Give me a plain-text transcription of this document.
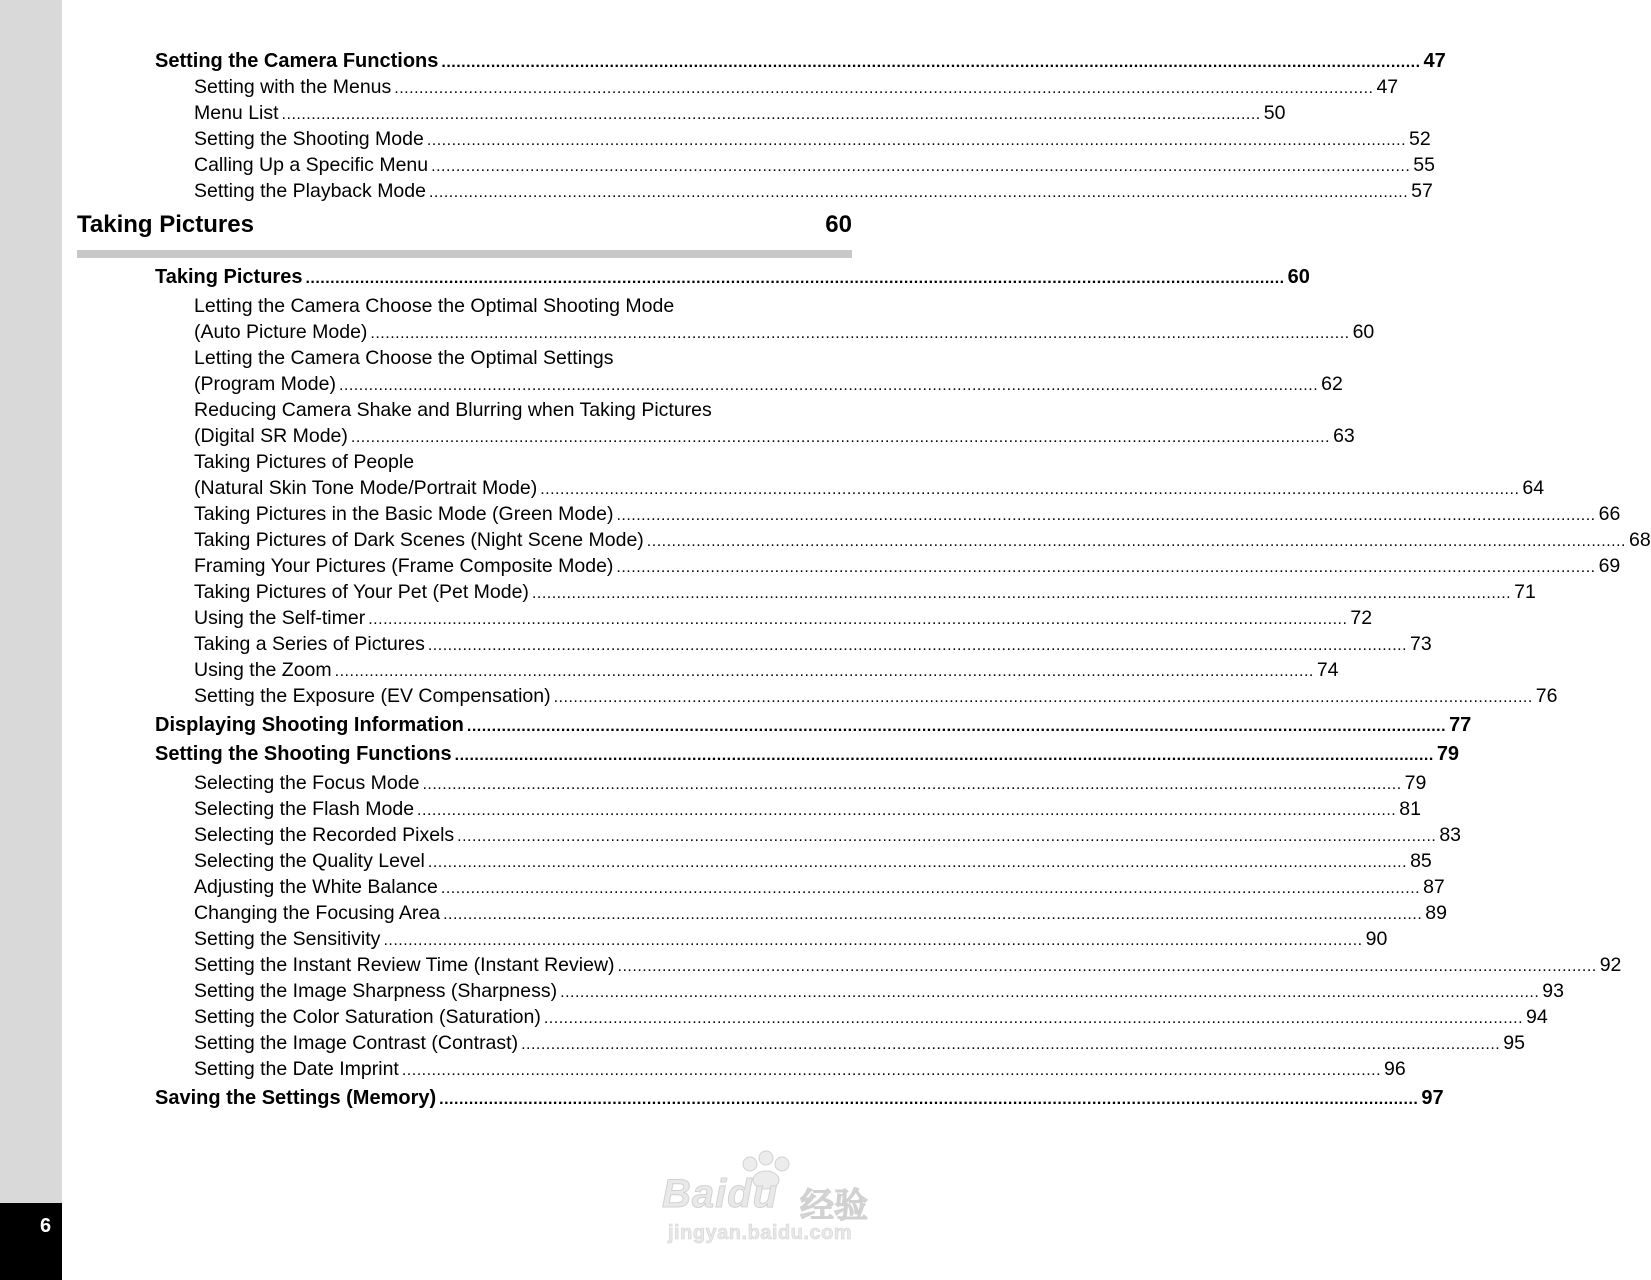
6
Setting the Camera Functions ...................................................................................................................................................................................................... 47
Setting with the Menus ...................................................................................................................................................................................................... 47
Menu List ...................................................................................................................................................................................................... 50
Setting the Shooting Mode ...................................................................................................................................................................................................... 52
Calling Up a Specific Menu ...................................................................................................................................................................................................... 55
Setting the Playback Mode ...................................................................................................................................................................................................... 57
Taking Pictures ...................................................................................................................................................................................................... 60
Letting the Camera Choose the Optimal Shooting Mode
(Auto Picture Mode) ...................................................................................................................................................................................................... 60
Letting the Camera Choose the Optimal Settings
(Program Mode) ...................................................................................................................................................................................................... 62
Reducing Camera Shake and Blurring when Taking Pictures
(Digital SR Mode) ...................................................................................................................................................................................................... 63
Taking Pictures of People
(Natural Skin Tone Mode/Portrait Mode) ...................................................................................................................................................................................................... 64
Taking Pictures in the Basic Mode (Green Mode) ...................................................................................................................................................................................................... 66
Taking Pictures of Dark Scenes (Night Scene Mode) ...................................................................................................................................................................................................... 68
Framing Your Pictures (Frame Composite Mode) ...................................................................................................................................................................................................... 69
Taking Pictures of Your Pet (Pet Mode) ...................................................................................................................................................................................................... 71
Using the Self-timer ...................................................................................................................................................................................................... 72
Taking a Series of Pictures ...................................................................................................................................................................................................... 73
Using the Zoom ...................................................................................................................................................................................................... 74
Setting the Exposure (EV Compensation) ...................................................................................................................................................................................................... 76
Displaying Shooting Information ...................................................................................................................................................................................................... 77
Setting the Shooting Functions ...................................................................................................................................................................................................... 79
Selecting the Focus Mode ...................................................................................................................................................................................................... 79
Selecting the Flash Mode ...................................................................................................................................................................................................... 81
Selecting the Recorded Pixels ...................................................................................................................................................................................................... 83
Selecting the Quality Level ...................................................................................................................................................................................................... 85
Adjusting the White Balance ...................................................................................................................................................................................................... 87
Changing the Focusing Area ...................................................................................................................................................................................................... 89
Setting the Sensitivity ...................................................................................................................................................................................................... 90
Setting the Instant Review Time (Instant Review) ...................................................................................................................................................................................................... 92
Setting the Image Sharpness (Sharpness) ...................................................................................................................................................................................................... 93
Setting the Color Saturation (Saturation) ...................................................................................................................................................................................................... 94
Setting the Image Contrast (Contrast) ...................................................................................................................................................................................................... 95
Setting the Date Imprint ...................................................................................................................................................................................................... 96
Saving the Settings (Memory) ...................................................................................................................................................................................................... 97
Taking Pictures	60
Baidu 经验
jingyan.baidu.com
